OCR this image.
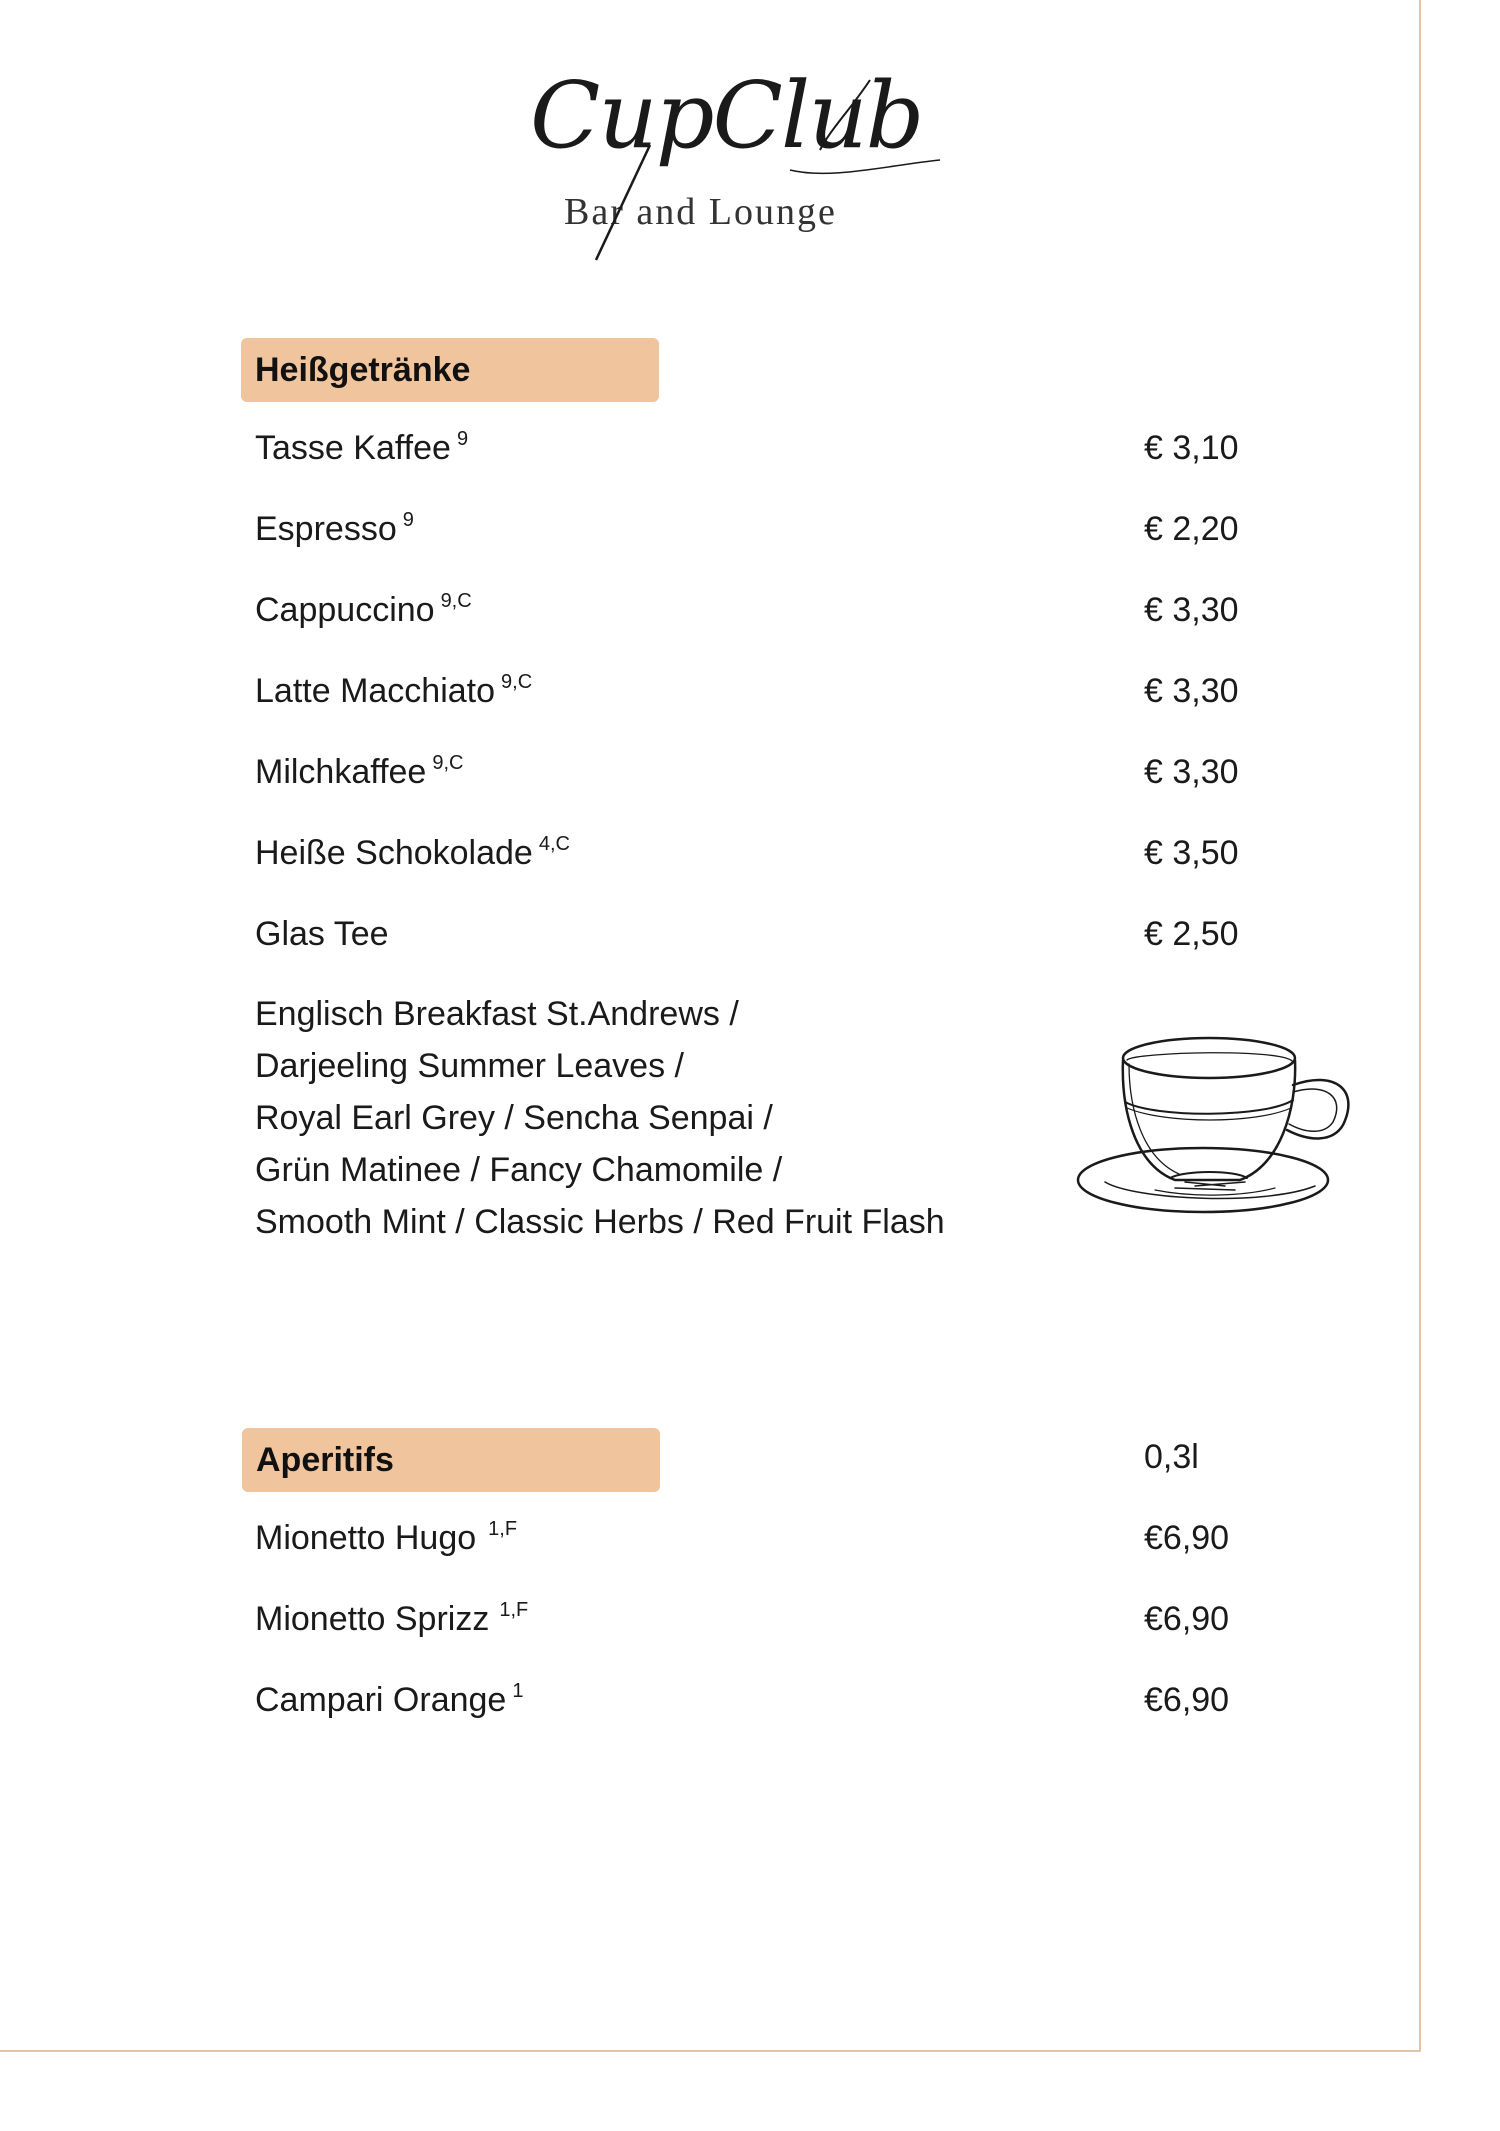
CupClub
Bar and Lounge
Heißgetränke
Tasse Kaffee $^9$	€ 3,10
Espresso $^9$	€ 2,20
Cappuccino $^{9,C}$	€ 3,30
Latte Macchiato $^{9,C}$	€ 3,30
Milchkaffee $^{9,C}$	€ 3,30
Heiße Schokolade $^{4,C}$	€ 3,50
Glas Tee	€ 2,50
Englisch Breakfast St.Andrews /
Darjeeling Summer Leaves /
Royal Earl Grey / Sencha Senpai /
Grün Matinee / Fancy Chamomile /
Smooth Mint / Classic Herbs / Red Fruit Flash
Aperitifs	0,3l
Mionetto Hugo $^{1,F}$	€6,90
Mionetto Sprizz $^{1,F}$	€6,90
Campari Orange $^1$	€6,90
